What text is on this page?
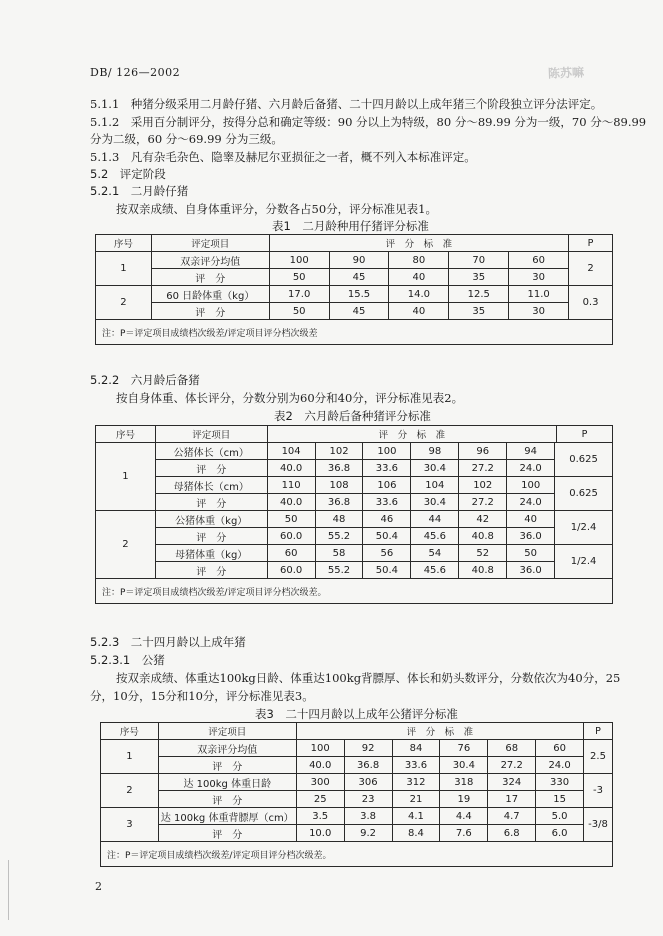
DB/ 126—2002	陈苏嘛
5.1.1　种猪分级采用二月龄仔猪、六月龄后备猪、二十四月龄以上成年猪三个阶段独立评分法评定。
5.1.2　采用百分制评分，按得分总和确定等级：90 分以上为特级，80 分～89.99 分为一级，70 分～89.99
分为二级，60 分～69.99 分为三级。
5.1.3　凡有杂毛杂色、隐睾及赫尼尔亚损征之一者，概不列入本标准评定。
5.2　评定阶段
5.2.1　二月龄仔猪
按双亲成绩、自身体重评分，分数各占50分，评分标准见表1。
表1　二月龄种用仔猪评分标准
序号	评定项目	评　分　标　准					P
1	双亲评分均值	100	90	80	70	60	2
	评　分	50	45	40	35	30	
2	60 日龄体重（kg）	17.0	15.5	14.0	12.5	11.0	0.3
	评　分	50	45	40	35	30	
注：P＝评定项目成绩档次级差/评定项目评分档次级差							
5.2.2　六月龄后备猪
按自身体重、体长评分，分数分别为60分和40分，评分标准见表2。
表2　六月龄后备种猪评分标准
序号	评定项目	评　分　标　准	P
1	公猪体长（cm）	104	102	100	98	96	94	0.625
	评　分	40.0	36.8	33.6	30.4	27.2	24.0	
	母猪体长（cm）	110	108	106	104	102	100	0.625
	评　分	40.0	36.8	33.6	30.4	27.2	24.0	
2	公猪体重（kg）	50	48	46	44	42	40	1/2.4
	评　分	60.0	55.2	50.4	45.6	40.8	36.0	
	母猪体重（kg）	60	58	56	54	52	50	1/2.4
	评　分	60.0	55.2	50.4	45.6	40.8	36.0	
注：P＝评定项目成绩档次级差/评定项目评分档次级差。								
5.2.3　二十四月龄以上成年猪
5.2.3.1　公猪
按双亲成绩、体重达100kg日龄、体重达100kg背膘厚、体长和奶头数评分，分数依次为40分，25
分，10分，15分和10分，评分标准见表3。
表3　二十四月龄以上成年公猪评分标准
序号	评定项目	评　分　标　准						P
1	双亲评分均值	100	92	84	76	68	60	2.5
	评　分	40.0	36.8	33.6	30.4	27.2	24.0	
2	达 100kg 体重日龄	300	306	312	318	324	330	-3
	评　分	25	23	21	19	17	15	
3	达 100kg 体重背膘厚（cm）	3.5	3.8	4.1	4.4	4.7	5.0	-3/8
	评　分	10.0	9.2	8.4	7.6	6.8	6.0	
注：P＝评定项目成绩档次级差/评定项目评分档次级差。								
2
